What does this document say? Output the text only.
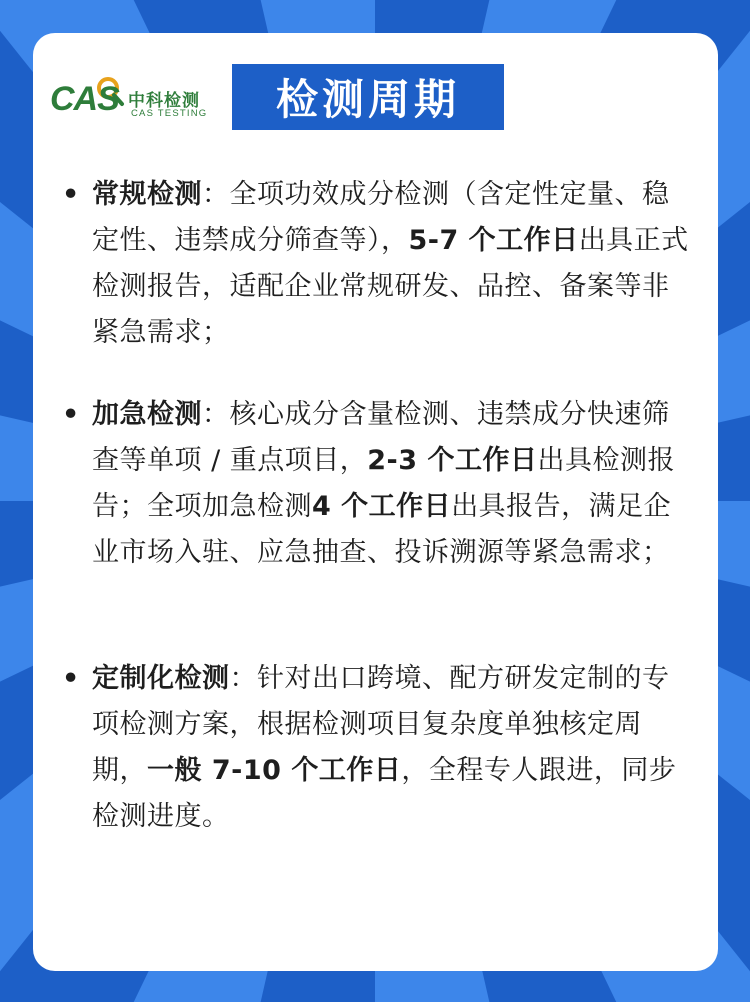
CAS 中科检测
CAS TESTING	检测周期
• 常规检测：全项功效成分检测（含定性定量、稳定性、违禁成分筛查等），5-7 个工作日出具正式检测报告，适配企业常规研发、品控、备案等非紧急需求；
• 加急检测：核心成分含量检测、违禁成分快速筛查等单项 / 重点项目，2-3 个工作日出具检测报告；全项加急检测4 个工作日出具报告，满足企业市场入驻、应急抽查、投诉溯源等紧急需求；
• 定制化检测：针对出口跨境、配方研发定制的专项检测方案，根据检测项目复杂度单独核定周期，一般 7-10 个工作日，全程专人跟进，同步检测进度。
